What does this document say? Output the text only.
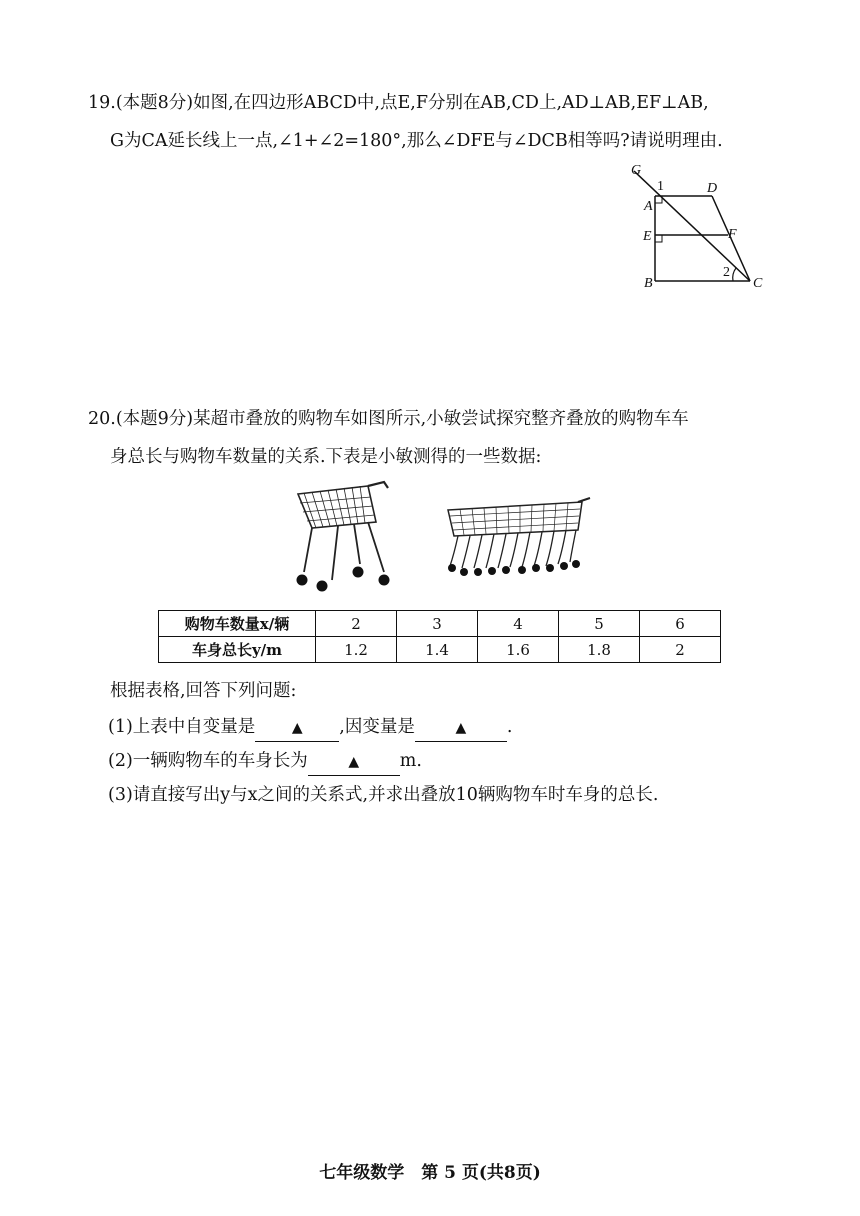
19.(本题8分)如图,在四边形ABCD中,点E,F分别在AB,CD上,AD⊥AB,EF⊥AB,
G为CA延长线上一点,∠1+∠2=180°,那么∠DFE与∠DCB相等吗?请说明理由.
G
1
A
D
E	F
B
2
C
20.(本题9分)某超市叠放的购物车如图所示,小敏尝试探究整齐叠放的购物车车
身总长与购物车数量的关系.下表是小敏测得的一些数据:
购物车数量x/辆	2	3	4	5	6
车身总长y/m	1.2	1.4	1.6	1.8	2
根据表格,回答下列问题:
(1)上表中自变量是	▲ ,因变量是	▲ .
(2)一辆购物车的车身长为	▲ m.
(3)请直接写出y与x之间的关系式,并求出叠放10辆购物车时车身的总长.
七年级数学　第 5 页(共8页)
